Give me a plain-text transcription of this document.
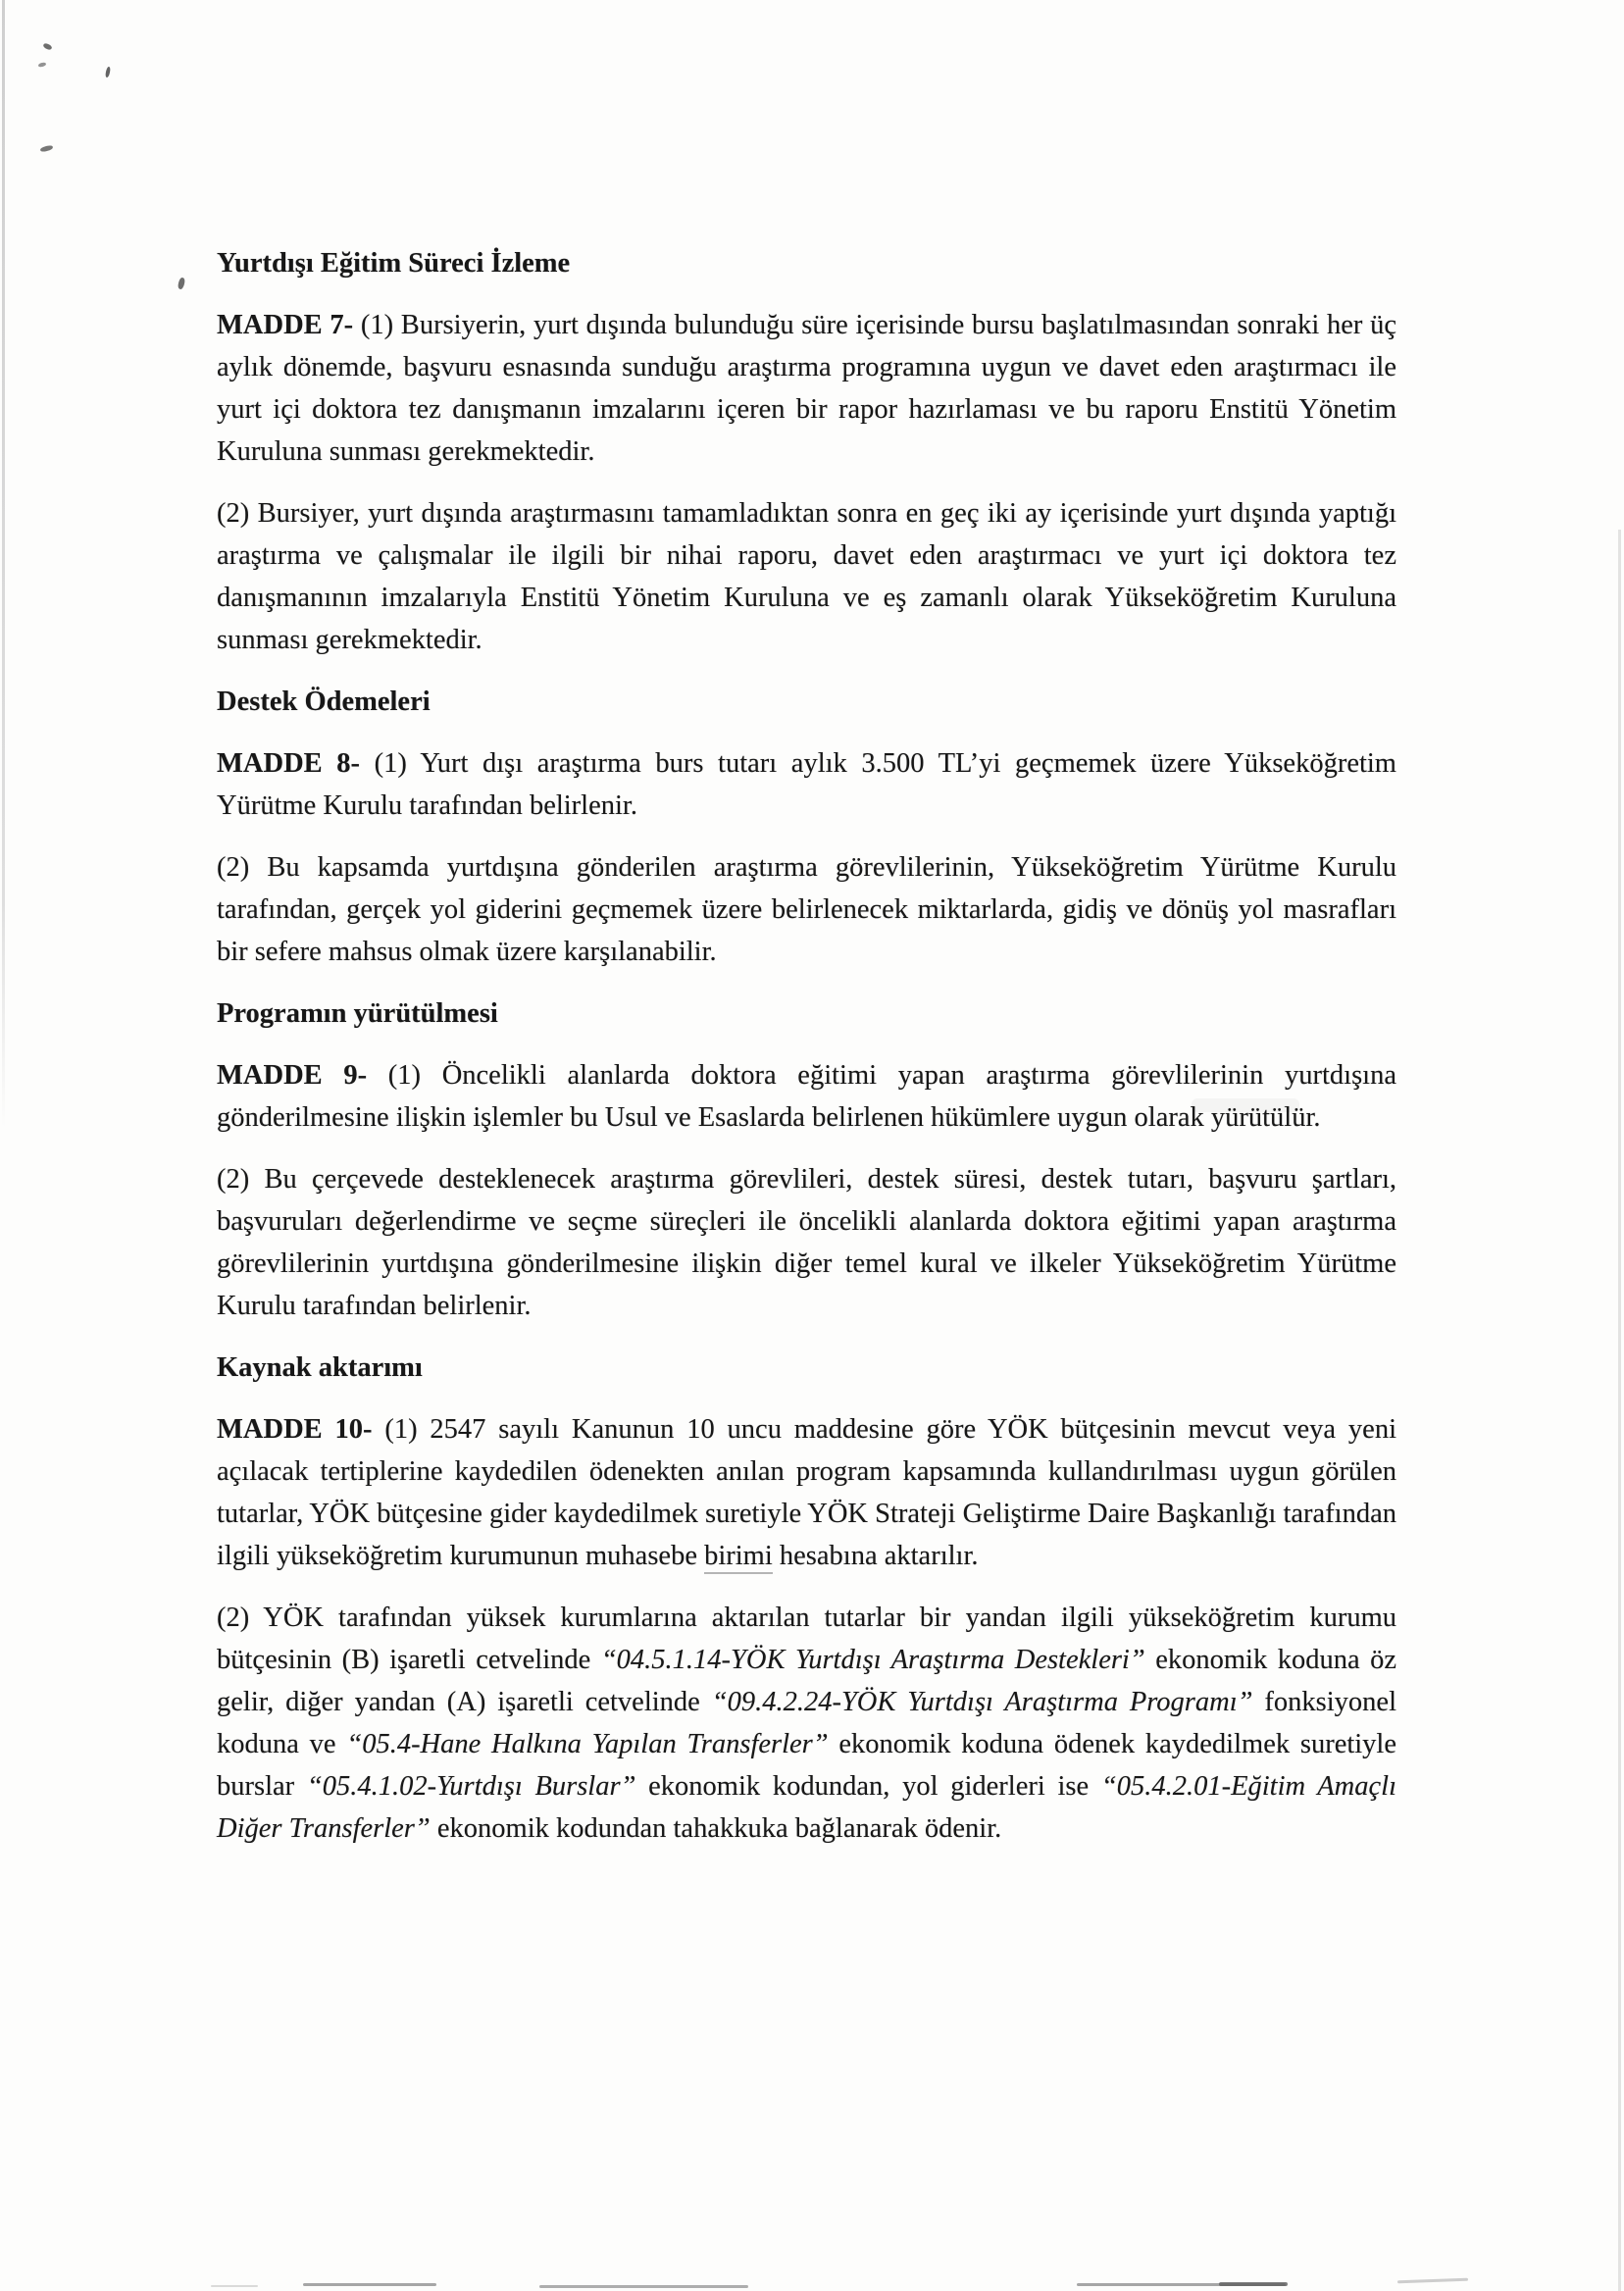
Yurtdışı Eğitim Süreci İzleme

MADDE 7- (1) Bursiyerin, yurt dışında bulunduğu süre içerisinde bursu başlatılmasından sonraki her üç aylık dönemde, başvuru esnasında sunduğu araştırma programına uygun ve davet eden araştırmacı ile yurt içi doktora tez danışmanın imzalarını içeren bir rapor hazırlaması ve bu raporu Enstitü Yönetim Kuruluna sunması gerekmektedir.

(2) Bursiyer, yurt dışında araştırmasını tamamladıktan sonra en geç iki ay içerisinde yurt dışında yaptığı araştırma ve çalışmalar ile ilgili bir nihai raporu, davet eden araştırmacı ve yurt içi doktora tez danışmanının imzalarıyla Enstitü Yönetim Kuruluna ve eş zamanlı olarak Yükseköğretim Kuruluna sunması gerekmektedir.

Destek Ödemeleri

MADDE 8- (1) Yurt dışı araştırma burs tutarı aylık 3.500 TL’yi geçmemek üzere Yükseköğretim Yürütme Kurulu tarafından belirlenir.

(2) Bu kapsamda yurtdışına gönderilen araştırma görevlilerinin, Yükseköğretim Yürütme Kurulu tarafından, gerçek yol giderini geçmemek üzere belirlenecek miktarlarda, gidiş ve dönüş yol masrafları bir sefere mahsus olmak üzere karşılanabilir.

Programın yürütülmesi

MADDE 9- (1) Öncelikli alanlarda doktora eğitimi yapan araştırma görevlilerinin yurtdışına gönderilmesine ilişkin işlemler bu Usul ve Esaslarda belirlenen hükümlere uygun olarak yürütülür.

(2) Bu çerçevede desteklenecek araştırma görevlileri, destek süresi, destek tutarı, başvuru şartları, başvuruları değerlendirme ve seçme süreçleri ile öncelikli alanlarda doktora eğitimi yapan araştırma görevlilerinin yurtdışına gönderilmesine ilişkin diğer temel kural ve ilkeler Yükseköğretim Yürütme Kurulu tarafından belirlenir.

Kaynak aktarımı

MADDE 10- (1) 2547 sayılı Kanunun 10 uncu maddesine göre YÖK bütçesinin mevcut veya yeni açılacak tertiplerine kaydedilen ödenekten anılan program kapsamında kullandırılması uygun görülen tutarlar, YÖK bütçesine gider kaydedilmek suretiyle YÖK Strateji Geliştirme Daire Başkanlığı tarafından ilgili yükseköğretim kurumunun muhasebe birimi hesabına aktarılır.

(2) YÖK tarafından yüksek kurumlarına aktarılan tutarlar bir yandan ilgili yükseköğretim kurumu bütçesinin (B) işaretli cetvelinde “04.5.1.14-YÖK Yurtdışı Araştırma Destekleri” ekonomik koduna öz gelir, diğer yandan (A) işaretli cetvelinde “09.4.2.24-YÖK Yurtdışı Araştırma Programı” fonksiyonel koduna ve “05.4-Hane Halkına Yapılan Transferler” ekonomik koduna ödenek kaydedilmek suretiyle burslar “05.4.1.02-Yurtdışı Burslar” ekonomik kodundan, yol giderleri ise “05.4.2.01-Eğitim Amaçlı Diğer Transferler” ekonomik kodundan tahakkuka bağlanarak ödenir.
